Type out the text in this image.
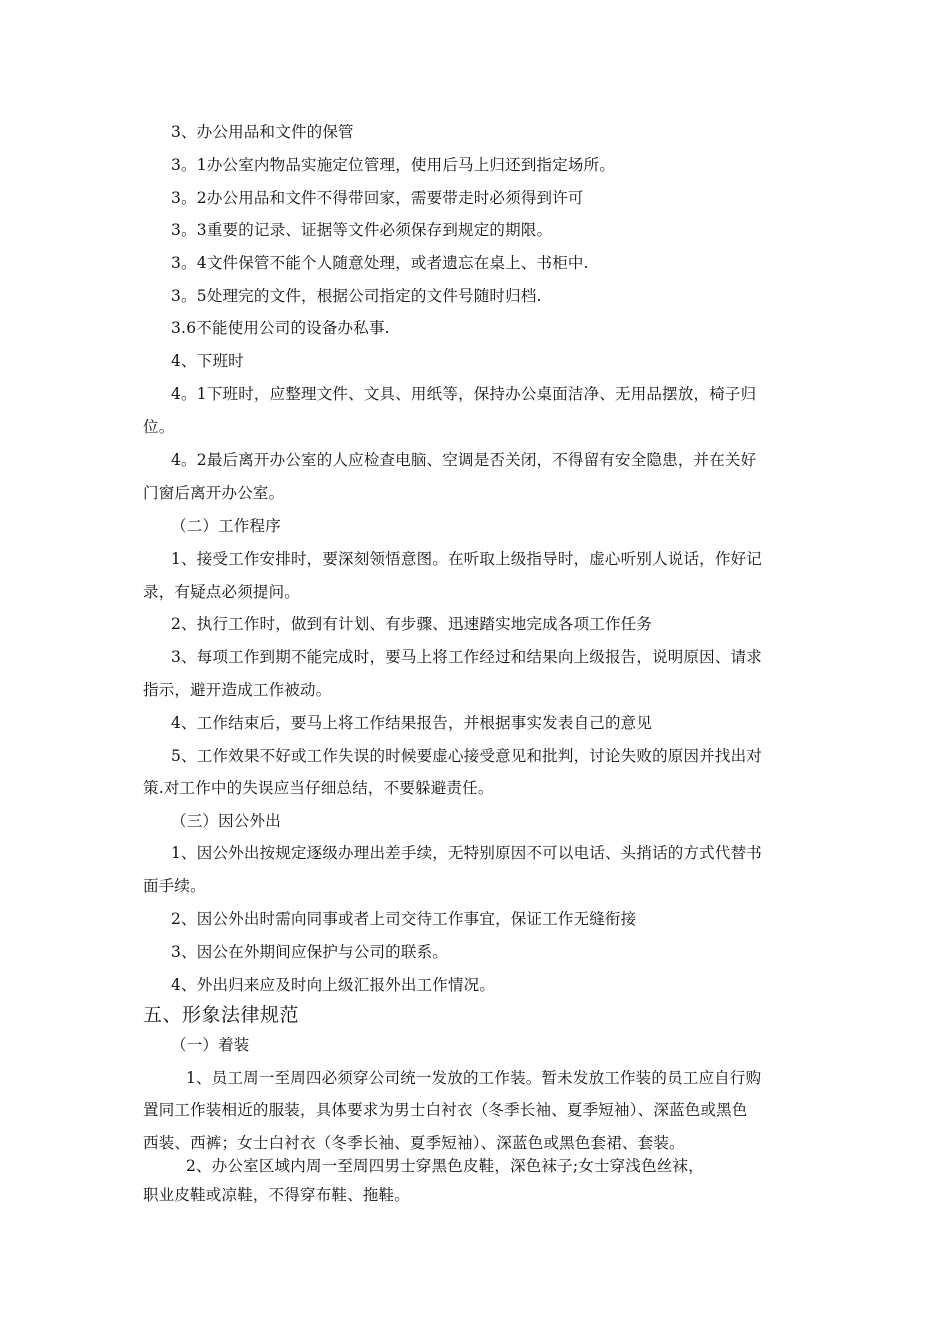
3、办公用品和文件的保管
3。1办公室内物品实施定位管理，使用后马上归还到指定场所。
3。2办公用品和文件不得带回家，需要带走时必须得到许可
3。3重要的记录、证据等文件必须保存到规定的期限。
3。4文件保管不能个人随意处理，或者遗忘在桌上、书柜中.
3。5处理完的文件，根据公司指定的文件号随时归档.
3.6不能使用公司的设备办私事.
4、下班时
4。1下班时，应整理文件、文具、用纸等，保持办公桌面洁净、无用品摆放，椅子归
位。
4。2最后离开办公室的人应检查电脑、空调是否关闭，不得留有安全隐患，并在关好
门窗后离开办公室。
（二）工作程序
1、接受工作安排时，要深刻领悟意图。在听取上级指导时，虚心听别人说话，作好记
录，有疑点必须提问。
2、执行工作时，做到有计划、有步骤、迅速踏实地完成各项工作任务
3、每项工作到期不能完成时，要马上将工作经过和结果向上级报告，说明原因、请求
指示，避开造成工作被动。
4、工作结束后，要马上将工作结果报告，并根据事实发表自己的意见
5、工作效果不好或工作失误的时候要虚心接受意见和批判，讨论失败的原因并找出对
策.对工作中的失误应当仔细总结，不要躲避责任。
（三）因公外出
1、因公外出按规定逐级办理出差手续，无特别原因不可以电话、头捎话的方式代替书
面手续。
2、因公外出时需向同事或者上司交待工作事宜，保证工作无缝衔接
3、因公在外期间应保护与公司的联系。
4、外出归来应及时向上级汇报外出工作情况。
五、形象法律规范
（一）着装
1、员工周一至周四必须穿公司统一发放的工作装。暂未发放工作装的员工应自行购
置同工作装相近的服装，具体要求为男士白衬衣（冬季长袖、夏季短袖）、深蓝色或黑色
西装、西裤；女士白衬衣（冬季长袖、夏季短袖）、深蓝色或黑色套裙、套装。
2、办公室区域内周一至周四男士穿黑色皮鞋，深色袜子;女士穿浅色丝袜，
职业皮鞋或凉鞋，不得穿布鞋、拖鞋。
